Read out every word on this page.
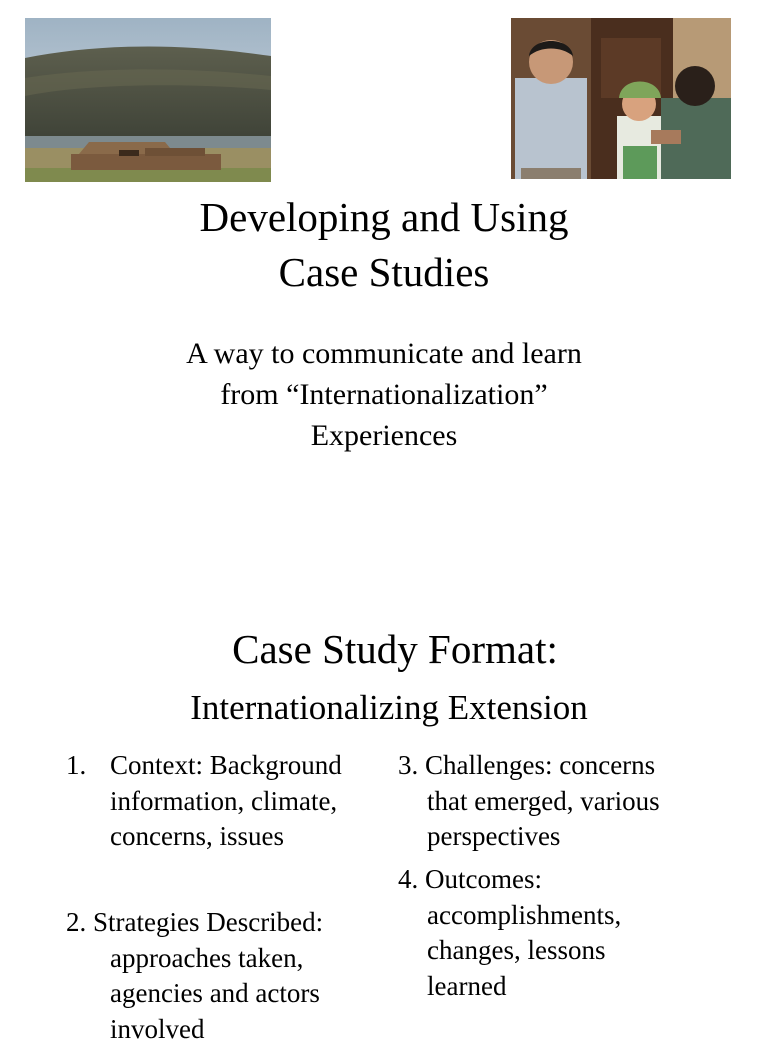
Developing and Using
Case Studies
A way to communicate and learn
from “Internationalization”
Experiences
Case Study Format:
Internationalizing Extension
1. Context: Background
information, climate,
concerns, issues
2. Strategies Described:
approaches taken,
agencies and actors
involved
3. Challenges: concerns
that emerged, various
perspectives
4. Outcomes:
accomplishments,
changes, lessons
learned
